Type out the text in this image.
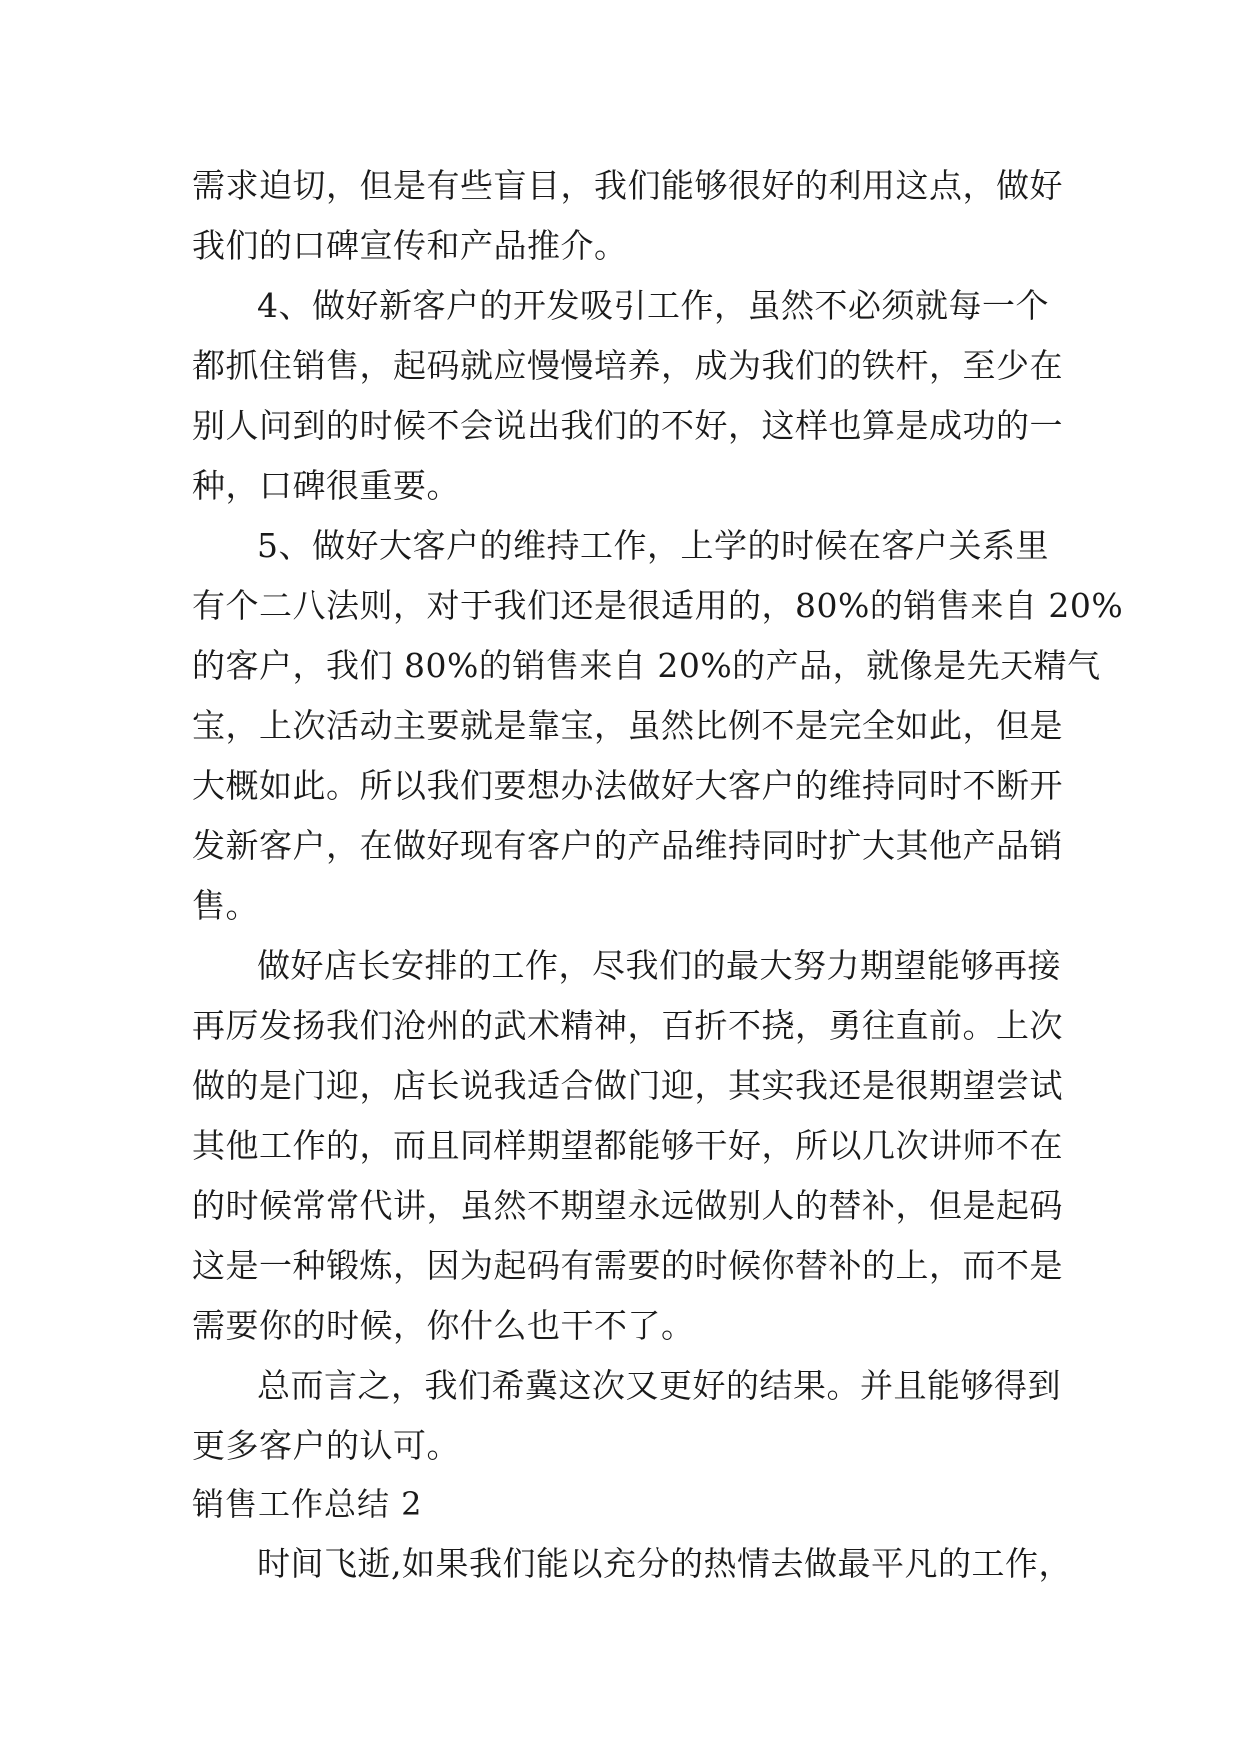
需求迫切，但是有些盲目，我们能够很好的利用这点，做好
我们的口碑宣传和产品推介。
4、做好新客户的开发吸引工作，虽然不必须就每一个
都抓住销售，起码就应慢慢培养，成为我们的铁杆，至少在
别人问到的时候不会说出我们的不好，这样也算是成功的一
种，口碑很重要。
5、做好大客户的维持工作，上学的时候在客户关系里
有个二八法则，对于我们还是很适用的，80%的销售来自 20%
的客户，我们 80%的销售来自 20%的产品，就像是先天精气
宝，上次活动主要就是靠宝，虽然比例不是完全如此，但是
大概如此。所以我们要想办法做好大客户的维持同时不断开
发新客户，在做好现有客户的产品维持同时扩大其他产品销
售。
做好店长安排的工作，尽我们的最大努力期望能够再接
再厉发扬我们沧州的武术精神，百折不挠，勇往直前。上次
做的是门迎，店长说我适合做门迎，其实我还是很期望尝试
其他工作的，而且同样期望都能够干好，所以几次讲师不在
的时候常常代讲，虽然不期望永远做别人的替补，但是起码
这是一种锻炼，因为起码有需要的时候你替补的上，而不是
需要你的时候，你什么也干不了。
总而言之，我们希冀这次又更好的结果。并且能够得到
更多客户的认可。
销售工作总结 2
时间飞逝,如果我们能以充分的热情去做最平凡的工作，
